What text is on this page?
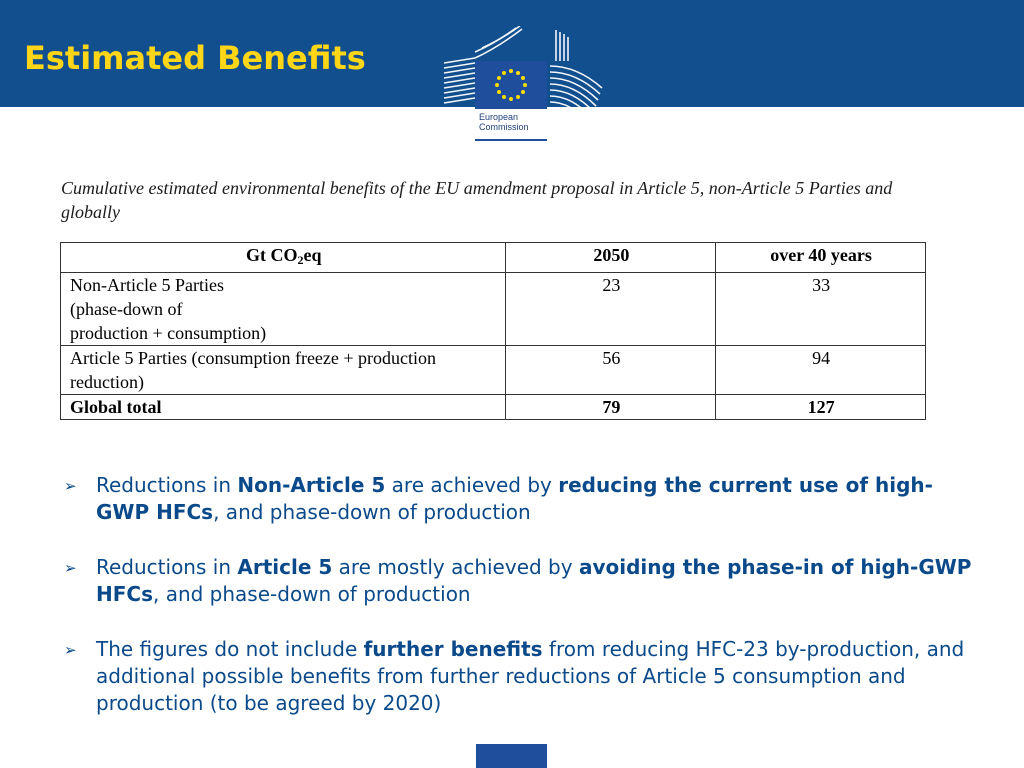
Estimated Benefits

European
Commission

Cumulative estimated environmental benefits of the EU amendment proposal in Article 5, non-Article 5 Parties and globally

Gt $CO_2eq$	2050	over 40 years
Non-Article 5 Parties
(phase-down of
production + consumption)	23	33
Article 5 Parties (consumption freeze + production
reduction)	56	94
Global total	79	127
➢ Reductions in Non-Article 5 are achieved by reducing the current use of high-GWP HFCs, and phase-down of production
➢ Reductions in Article 5 are mostly achieved by avoiding the phase-in of high-GWP HFCs, and phase-down of production
➢ The figures do not include further benefits from reducing HFC-23 by-production, and additional possible benefits from further reductions of Article 5 consumption and production (to be agreed by 2020)
